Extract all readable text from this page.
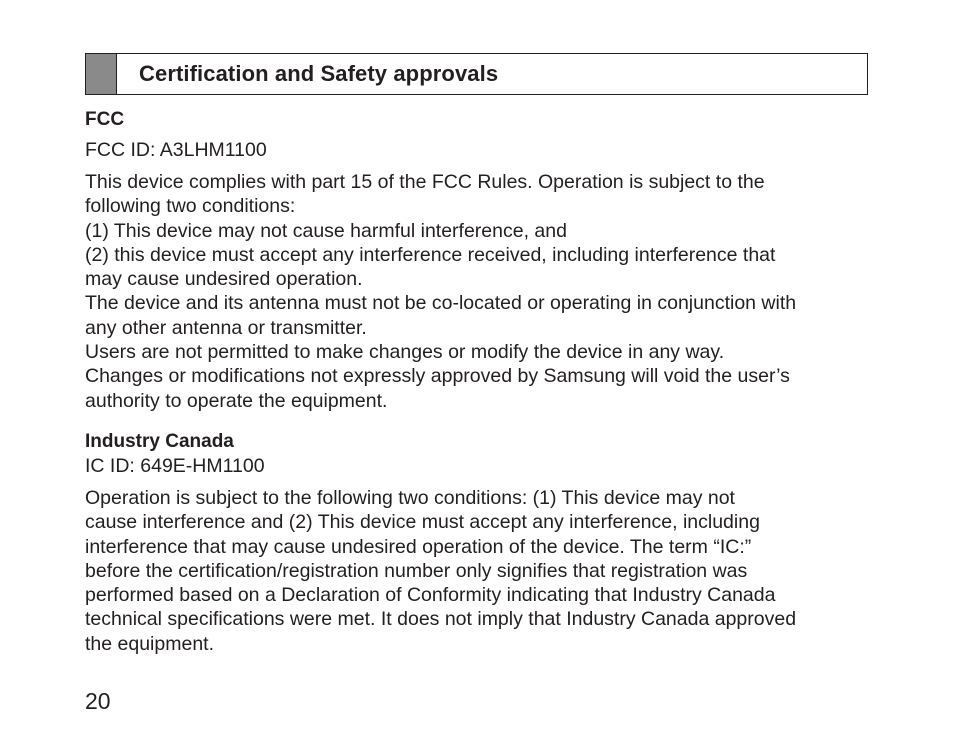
Certification and Safety approvals
FCC
FCC ID: A3LHM1100
This device complies with part 15 of the FCC Rules. Operation is subject to the
following two conditions:
(1) This device may not cause harmful interference, and
(2) this device must accept any interference received, including interference that
may cause undesired operation.
The device and its antenna must not be co-located or operating in conjunction with
any other antenna or transmitter.
Users are not permitted to make changes or modify the device in any way.
Changes or modifications not expressly approved by Samsung will void the user’s
authority to operate the equipment.
Industry Canada
IC ID: 649E-HM1100
Operation is subject to the following two conditions: (1) This device may not
cause interference and (2) This device must accept any interference, including
interference that may cause undesired operation of the device. The term “IC:”
before the certification/registration number only signifies that registration was
performed based on a Declaration of Conformity indicating that Industry Canada
technical specifications were met. It does not imply that Industry Canada approved
the equipment.
20
